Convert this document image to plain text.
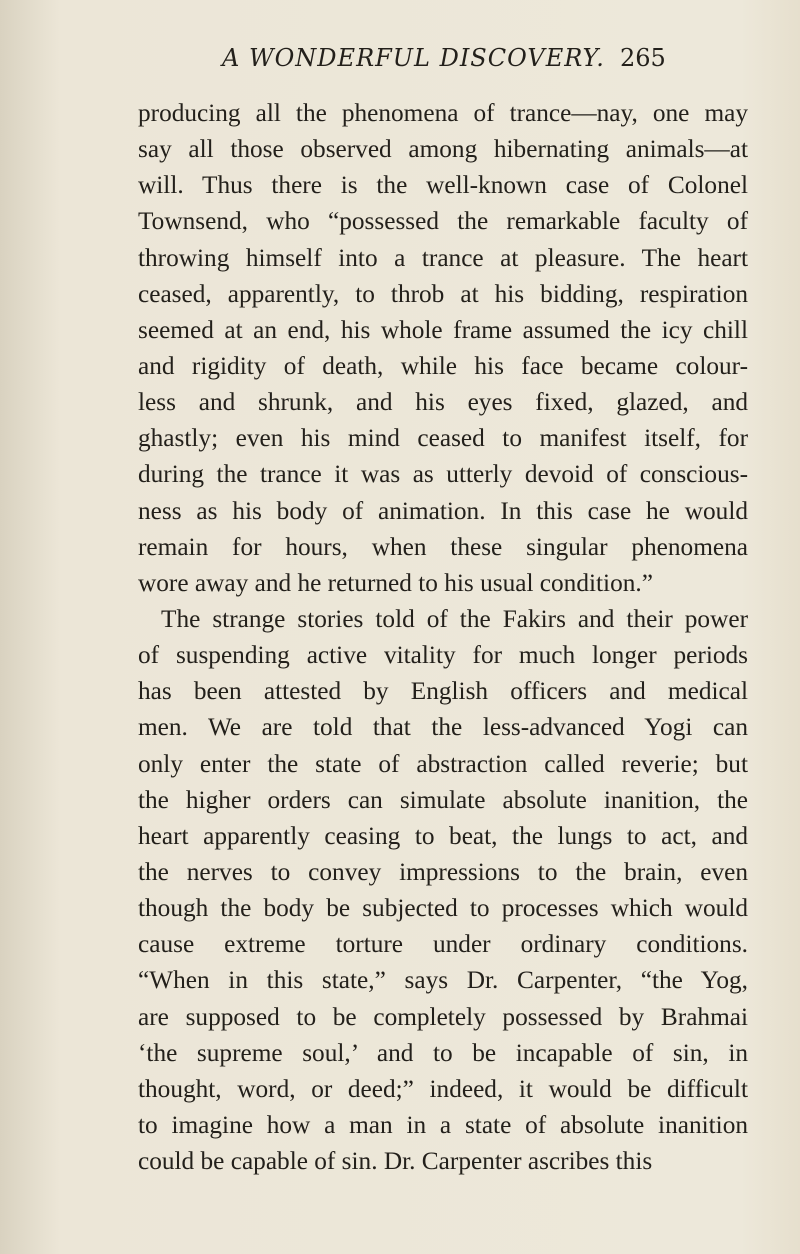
A WONDERFUL DISCOVERY. 265
producing all the phenomena of trance—nay, one may
say all those observed among hibernating animals—at
will. Thus there is the well-known case of Colonel
Townsend, who “possessed the remarkable faculty of
throwing himself into a trance at pleasure. The heart
ceased, apparently, to throb at his bidding, respiration
seemed at an end, his whole frame assumed the icy chill
and rigidity of death, while his face became colour-
less and shrunk, and his eyes fixed, glazed, and
ghastly; even his mind ceased to manifest itself, for
during the trance it was as utterly devoid of conscious-
ness as his body of animation. In this case he would
remain for hours, when these singular phenomena
wore away and he returned to his usual condition.”
The strange stories told of the Fakirs and their power
of suspending active vitality for much longer periods
has been attested by English officers and medical
men. We are told that the less-advanced Yogi can
only enter the state of abstraction called reverie; but
the higher orders can simulate absolute inanition, the
heart apparently ceasing to beat, the lungs to act, and
the nerves to convey impressions to the brain, even
though the body be subjected to processes which would
cause extreme torture under ordinary conditions.
“When in this state,” says Dr. Carpenter, “the Yog,
are supposed to be completely possessed by Brahmai
‘the supreme soul,’ and to be incapable of sin, in
thought, word, or deed;” indeed, it would be difficult
to imagine how a man in a state of absolute inanition
could be capable of sin. Dr. Carpenter ascribes this
